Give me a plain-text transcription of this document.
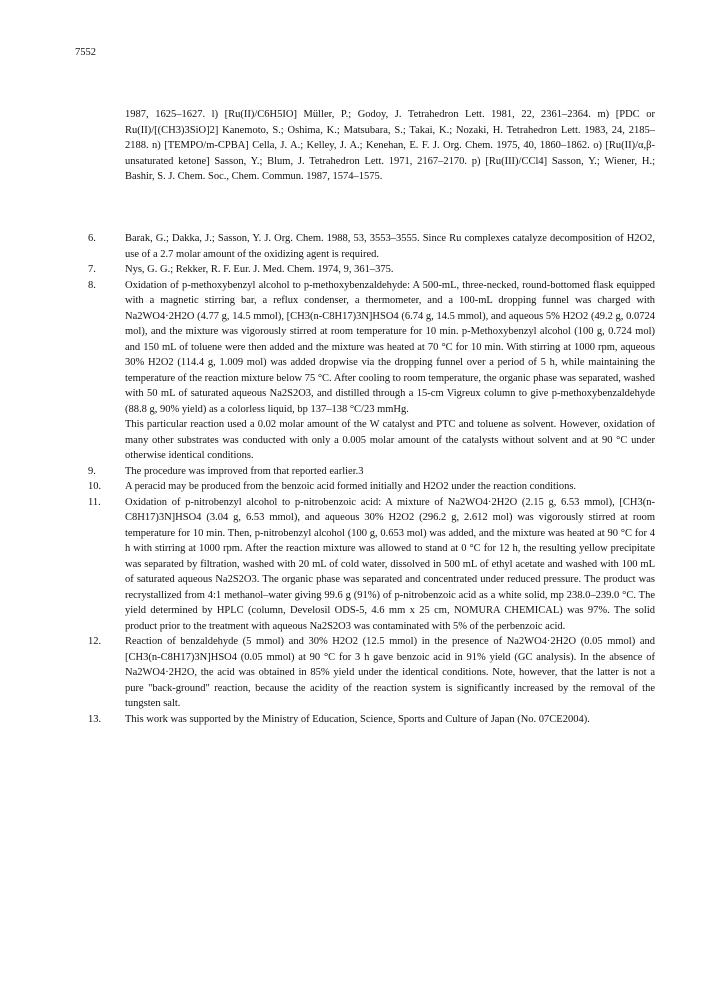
7552

1987, 1625–1627. l) [Ru(II)/C6H5IO] Müller, P.; Godoy, J. Tetrahedron Lett. 1981, 22, 2361–2364. m) [PDC or Ru(II)/[(CH3)3SiO]2] Kanemoto, S.; Oshima, K.; Matsubara, S.; Takai, K.; Nozaki, H. Tetrahedron Lett. 1983, 24, 2185–2188. n) [TEMPO/m-CPBA] Cella, J. A.; Kelley, J. A.; Kenehan, E. F. J. Org. Chem. 1975, 40, 1860–1862. o) [Ru(II)/α,β-unsaturated ketone] Sasson, Y.; Blum, J. Tetrahedron Lett. 1971, 2167–2170. p) [Ru(III)/CCl4] Sasson, Y.; Wiener, H.; Bashir, S. J. Chem. Soc., Chem. Commun. 1987, 1574–1575.

6.	Barak, G.; Dakka, J.; Sasson, Y. J. Org. Chem. 1988, 53, 3553–3555. Since Ru complexes catalyze decomposition of H2O2, use of a 2.7 molar amount of the oxidizing agent is required.

7.	Nys, G. G.; Rekker, R. F. Eur. J. Med. Chem. 1974, 9, 361–375.

8.	Oxidation of p-methoxybenzyl alcohol to p-methoxybenzaldehyde: A 500-mL, three-necked, round-bottomed flask equipped with a magnetic stirring bar, a reflux condenser, a thermometer, and a 100-mL dropping funnel was charged with Na2WO4·2H2O (4.77 g, 14.5 mmol), [CH3(n-C8H17)3N]HSO4 (6.74 g, 14.5 mmol), and aqueous 5% H2O2 (49.2 g, 0.0724 mol), and the mixture was vigorously stirred at room temperature for 10 min. p-Methoxybenzyl alcohol (100 g, 0.724 mol) and 150 mL of toluene were then added and the mixture was heated at 70 °C for 10 min. With stirring at 1000 rpm, aqueous 30% H2O2 (114.4 g, 1.009 mol) was added dropwise via the dropping funnel over a period of 5 h, while maintaining the temperature of the reaction mixture below 75 °C. After cooling to room temperature, the organic phase was separated, washed with 50 mL of saturated aqueous Na2S2O3, and distilled through a 15-cm Vigreux column to give p-methoxybenzaldehyde (88.8 g, 90% yield) as a colorless liquid, bp 137–138 °C/23 mmHg.

This particular reaction used a 0.02 molar amount of the W catalyst and PTC and toluene as solvent. However, oxidation of many other substrates was conducted with only a 0.005 molar amount of the catalysts without solvent and at 90 °C under otherwise identical conditions.

9.	The procedure was improved from that reported earlier.3

10.	A peracid may be produced from the benzoic acid formed initially and H2O2 under the reaction conditions.

11.	Oxidation of p-nitrobenzyl alcohol to p-nitrobenzoic acid: A mixture of Na2WO4·2H2O (2.15 g, 6.53 mmol), [CH3(n-C8H17)3N]HSO4 (3.04 g, 6.53 mmol), and aqueous 30% H2O2 (296.2 g, 2.612 mol) was vigorously stirred at room temperature for 10 min. Then, p-nitrobenzyl alcohol (100 g, 0.653 mol) was added, and the mixture was heated at 90 °C for 4 h with stirring at 1000 rpm. After the reaction mixture was allowed to stand at 0 °C for 12 h, the resulting yellow precipitate was separated by filtration, washed with 20 mL of cold water, dissolved in 500 mL of ethyl acetate and washed with 100 mL of saturated aqueous Na2S2O3. The organic phase was separated and concentrated under reduced pressure. The product was recrystallized from 4:1 methanol–water giving 99.6 g (91%) of p-nitrobenzoic acid as a white solid, mp 238.0–239.0 °C. The yield determined by HPLC (column, Develosil ODS-5, 4.6 mm x 25 cm, NOMURA CHEMICAL) was 97%. The solid product prior to the treatment with aqueous Na2S2O3 was contaminated with 5% of the perbenzoic acid.

12.	Reaction of benzaldehyde (5 mmol) and 30% H2O2 (12.5 mmol) in the presence of Na2WO4·2H2O (0.05 mmol) and [CH3(n-C8H17)3N]HSO4 (0.05 mmol) at 90 °C for 3 h gave benzoic acid in 91% yield (GC analysis). In the absence of Na2WO4·2H2O, the acid was obtained in 85% yield under the identical conditions. Note, however, that the latter is not a pure "back-ground" reaction, because the acidity of the reaction system is significantly increased by the removal of the tungsten salt.

13.	This work was supported by the Ministry of Education, Science, Sports and Culture of Japan (No. 07CE2004).
